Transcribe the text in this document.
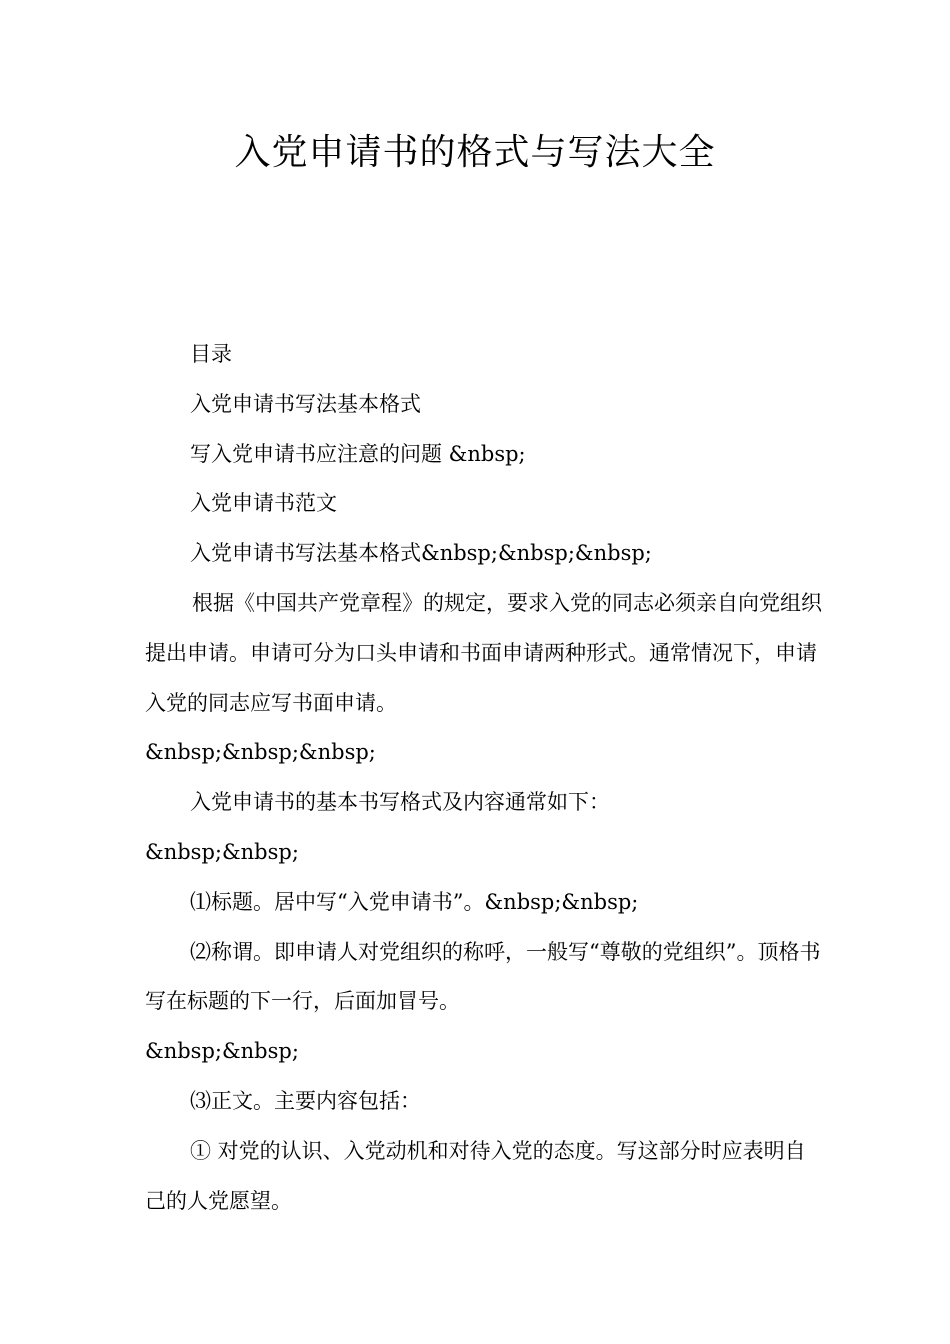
入党申请书的格式与写法大全

目录

入党申请书写法基本格式

写入党申请书应注意的问题 &nbsp;

入党申请书范文

入党申请书写法基本格式&nbsp;&nbsp;&nbsp;

根据《中国共产党章程》的规定，要求入党的同志必须亲自向党组织提出申请。申请可分为口头申请和书面申请两种形式。通常情况下，申请入党的同志应写书面申请。

&nbsp;&nbsp;&nbsp;

入党申请书的基本书写格式及内容通常如下：

&nbsp;&nbsp;

⑴标题。居中写“入党申请书”。&nbsp;&nbsp;

⑵称谓。即申请人对党组织的称呼，一般写“尊敬的党组织”。顶格书写在标题的下一行，后面加冒号。

&nbsp;&nbsp;

⑶正文。主要内容包括：

① 对党的认识、入党动机和对待入党的态度。写这部分时应表明自己的人党愿望。
